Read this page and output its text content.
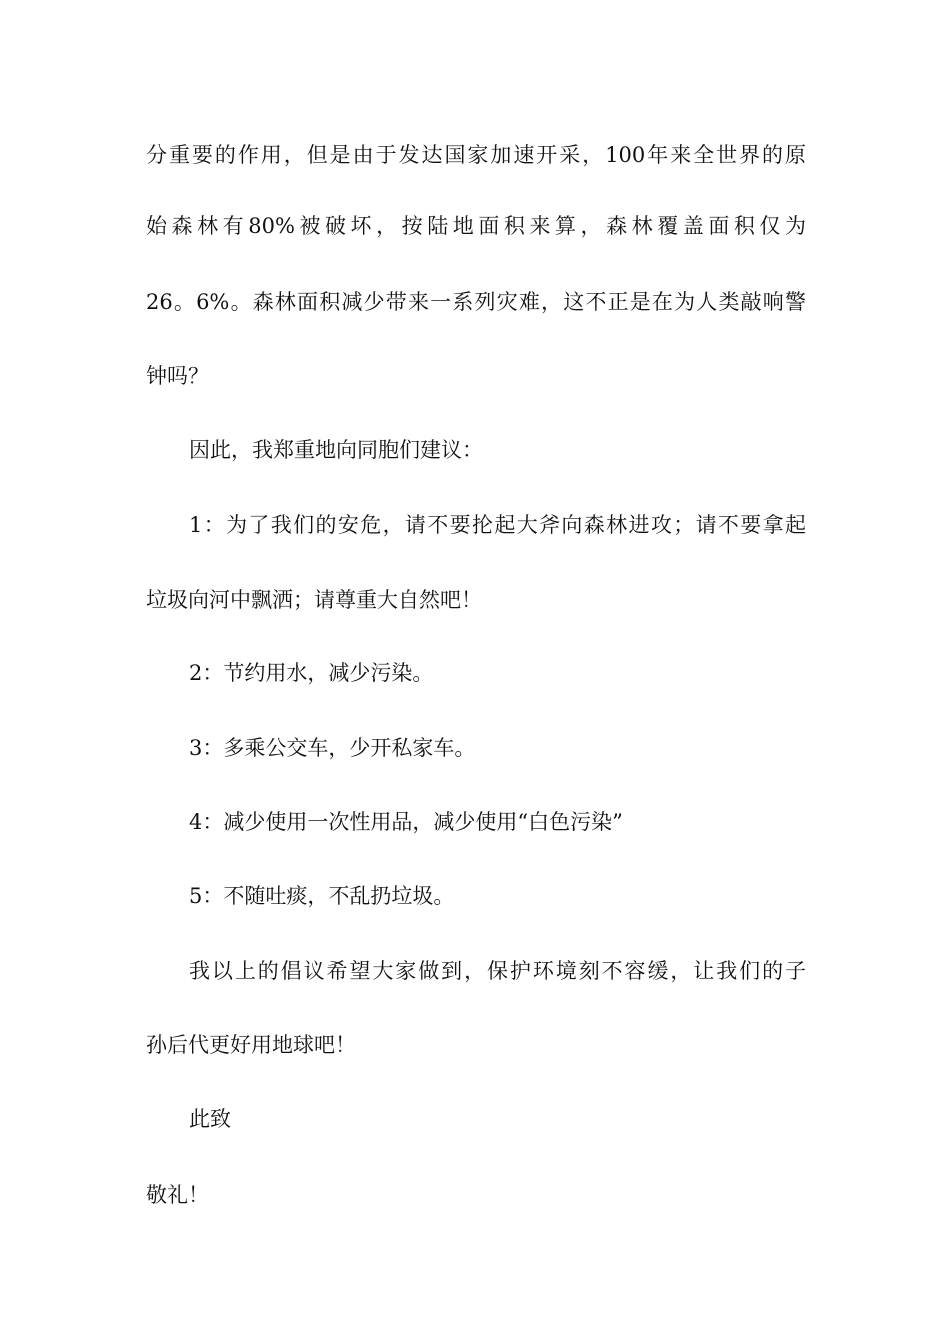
分重要的作用，但是由于发达国家加速开采，100年来全世界的原
始森林有80%被破坏，按陆地面积来算，森林覆盖面积仅为
26。6%。森林面积减少带来一系列灾难，这不正是在为人类敲响警
钟吗？
因此，我郑重地向同胞们建议：
1：为了我们的安危，请不要抡起大斧向森林进攻；请不要拿起
垃圾向河中飘洒；请尊重大自然吧！
2：节约用水，减少污染。
3：多乘公交车，少开私家车。
4：减少使用一次性用品，减少使用“白色污染”
5：不随吐痰，不乱扔垃圾。
我以上的倡议希望大家做到，保护环境刻不容缓，让我们的子
孙后代更好用地球吧！
此致
敬礼！
